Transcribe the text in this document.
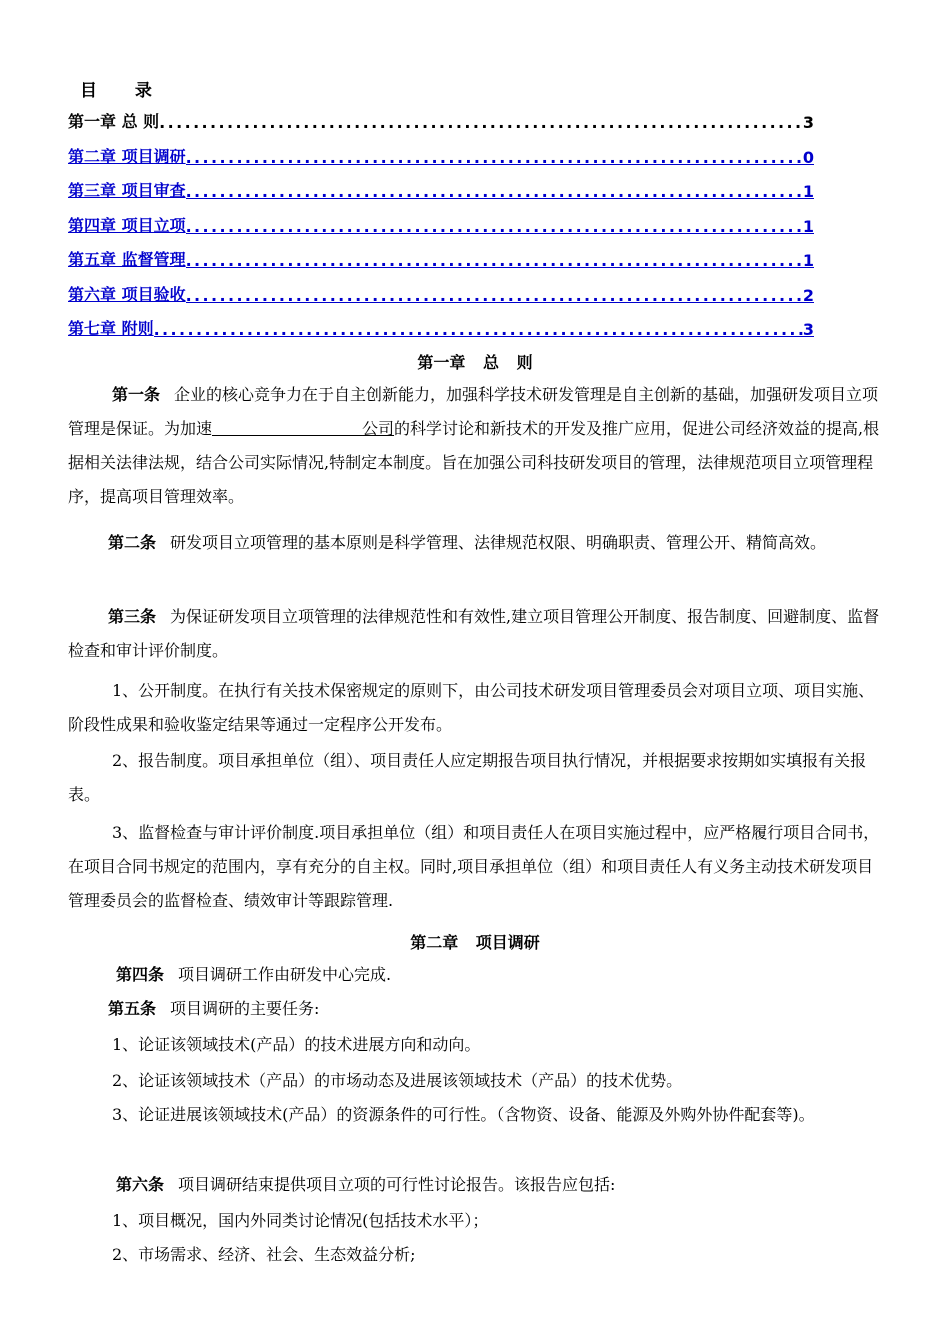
目 录
第一章 总 则 .....	3
第二章 项目调研 .....	0
第三章 项目审查 .....	1
第四章 项目立项 .....	1
第五章 监督管理 .....	1
第六章 项目验收 .....	2
第七章 附则 .....	3
第一章 总 则
第一条 企业的核心竞争力在于自主创新能力，加强科学技术研发管理是自主创新的基础，加强研发项目立项管理是保证。为加速	公司的科学讨论和新技术的开发及推广应用，促进公司经济效益的提高,根据相关法律法规，结合公司实际情况,特制定本制度。旨在加强公司科技研发项目的管理，法律规范项目立项管理程序，提高项目管理效率。
第二条 研发项目立项管理的基本原则是科学管理、法律规范权限、明确职责、管理公开、精简高效。
第三条 为保证研发项目立项管理的法律规范性和有效性,建立项目管理公开制度、报告制度、回避制度、监督检查和审计评价制度。
1、公开制度。在执行有关技术保密规定的原则下，由公司技术研发项目管理委员会对项目立项、项目实施、阶段性成果和验收鉴定结果等通过一定程序公开发布。
2、报告制度。项目承担单位（组）、项目责任人应定期报告项目执行情况，并根据要求按期如实填报有关报表。
3、监督检查与审计评价制度.项目承担单位（组）和项目责任人在项目实施过程中，应严格履行项目合同书，在项目合同书规定的范围内，享有充分的自主权。同时,项目承担单位（组）和项目责任人有义务主动技术研发项目管理委员会的监督检查、绩效审计等跟踪管理.
第二章 项目调研
第四条 项目调研工作由研发中心完成.
第五条 项目调研的主要任务:
1、论证该领域技术(产品）的技术进展方向和动向。
2、论证该领域技术（产品）的市场动态及进展该领域技术（产品）的技术优势。
3、论证进展该领域技术(产品）的资源条件的可行性。（含物资、设备、能源及外购外协件配套等)。
第六条 项目调研结束提供项目立项的可行性讨论报告。该报告应包括:
1、项目概况，国内外同类讨论情况(包括技术水平）；
2、市场需求、经济、社会、生态效益分析;
